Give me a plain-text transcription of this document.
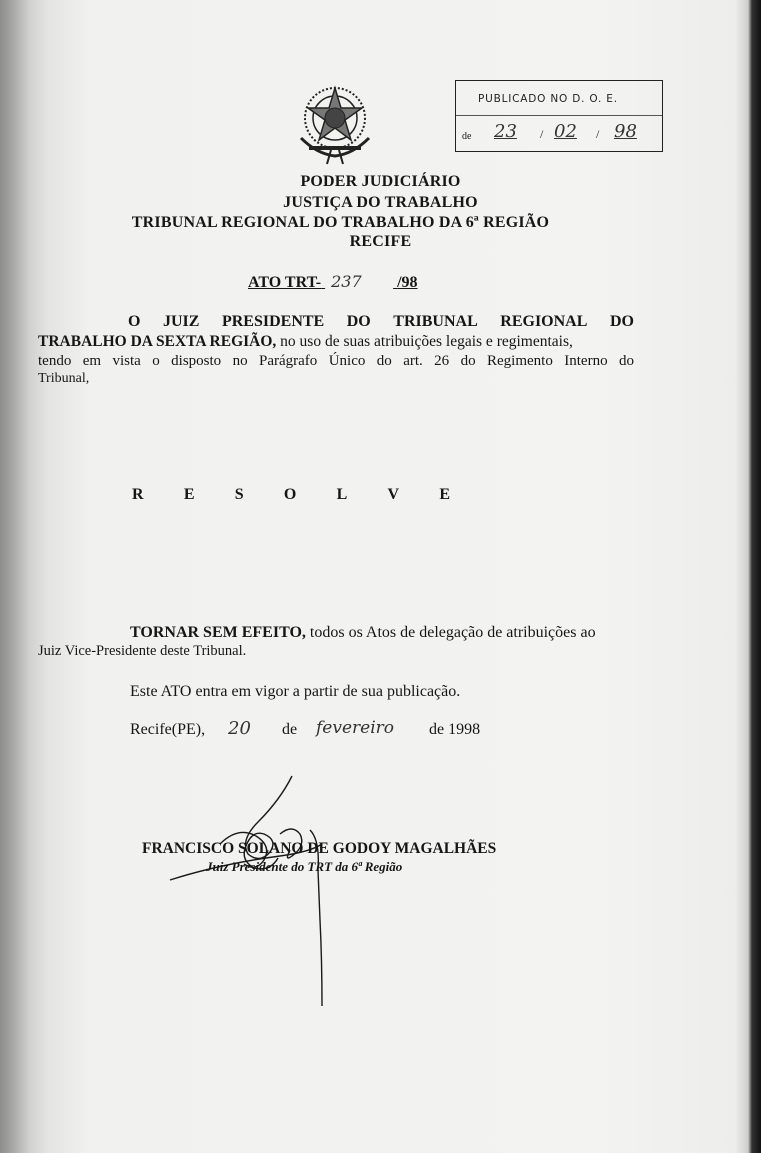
PUBLICADO NO D. O. E.
de 23 / 02 / 98
PODER JUDICIÁRIO
JUSTIÇA DO TRABALHO
TRIBUNAL REGIONAL DO TRABALHO DA 6ª REGIÃO
RECIFE
ATO TRT- 237 /98
O JUIZ PRESIDENTE DO TRIBUNAL REGIONAL DO
TRABALHO DA SEXTA REGIÃO, no uso de suas atribuições legais e regimentais,
tendo em vista o disposto no Parágrafo Único do art. 26 do Regimento Interno do
Tribunal,
R	E	S	O	L	V	E
TORNAR SEM EFEITO, todos os Atos de delegação de atribuições ao
Juiz Vice-Presidente deste Tribunal.
Este ATO entra em vigor a partir de sua publicação.
Recife(PE), 20 de fevereiro de 1998
FRANCISCO SOLANO DE GODOY MAGALHÃES
Juiz Presidente do TRT da 6ª Região
